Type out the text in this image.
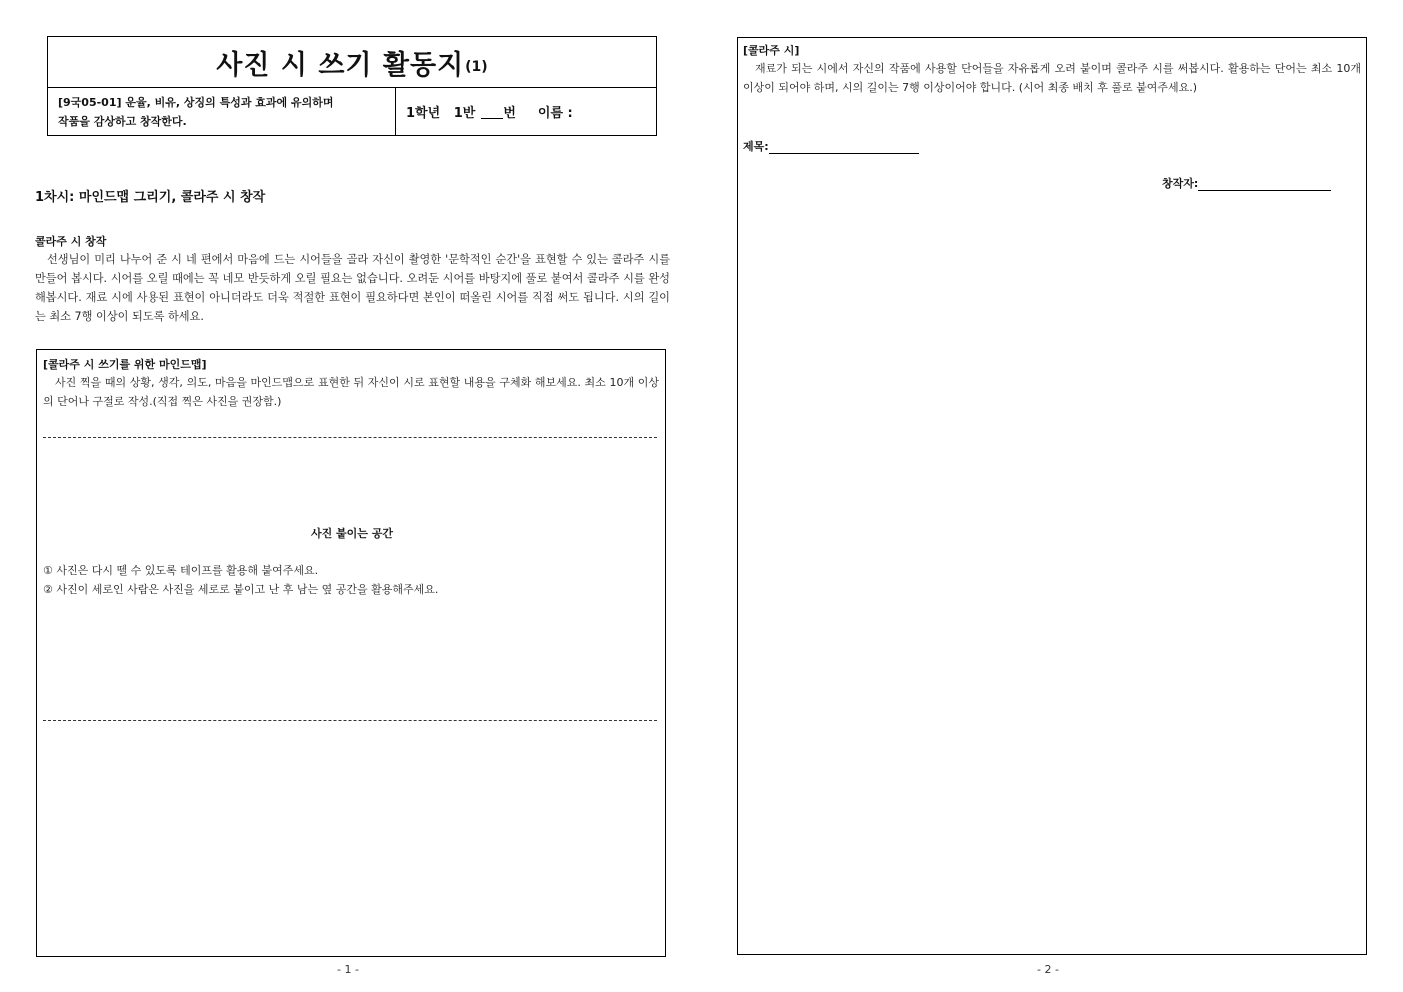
사진 시 쓰기 활동지 (1)
[9국05-01] 운율, 비유, 상징의 특성과 효과에 유의하며
작품을 감상하고 창작한다.
1학년   1반 번 이름 :
1차시: 마인드맵 그리기, 콜라주 시 창작
콜라주 시 창작
선생님이 미리 나누어 준 시 네 편에서 마음에 드는 시어들을 골라 자신이 촬영한 '문학적인 순간'을 표현할 수 있는 콜라주 시를 만들어 봅시다. 시어를 오릴 때에는 꼭 네모 반듯하게 오릴 필요는 없습니다. 오려둔 시어를 바탕지에 풀로 붙여서 콜라주 시를 완성해봅시다. 재료 시에 사용된 표현이 아니더라도 더욱 적절한 표현이 필요하다면 본인이 떠올린 시어를 직접 써도 됩니다. 시의 길이는 최소 7행 이상이 되도록 하세요.
[콜라주 시 쓰기를 위한 마인드맵]
사진 찍을 때의 상황, 생각, 의도, 마음을 마인드맵으로 표현한 뒤 자신이 시로 표현할 내용을 구체화 해보세요. 최소 10개 이상의 단어나 구절로 작성.(직접 찍은 사진을 권장함.)
사진 붙이는 공간
① 사진은 다시 뗄 수 있도록 테이프를 활용해 붙여주세요.
② 사진이 세로인 사람은 사진을 세로로 붙이고 난 후 남는 옆 공간을 활용해주세요.
- 1 -
[콜라주 시]
재료가 되는 시에서 자신의 작품에 사용할 단어들을 자유롭게 오려 붙이며 콜라주 시를 써봅시다. 활용하는 단어는 최소 10개 이상이 되어야 하며, 시의 길이는 7행 이상이어야 합니다. (시어 최종 배치 후 풀로 붙여주세요.)
제목:
창작자:
- 2 -
